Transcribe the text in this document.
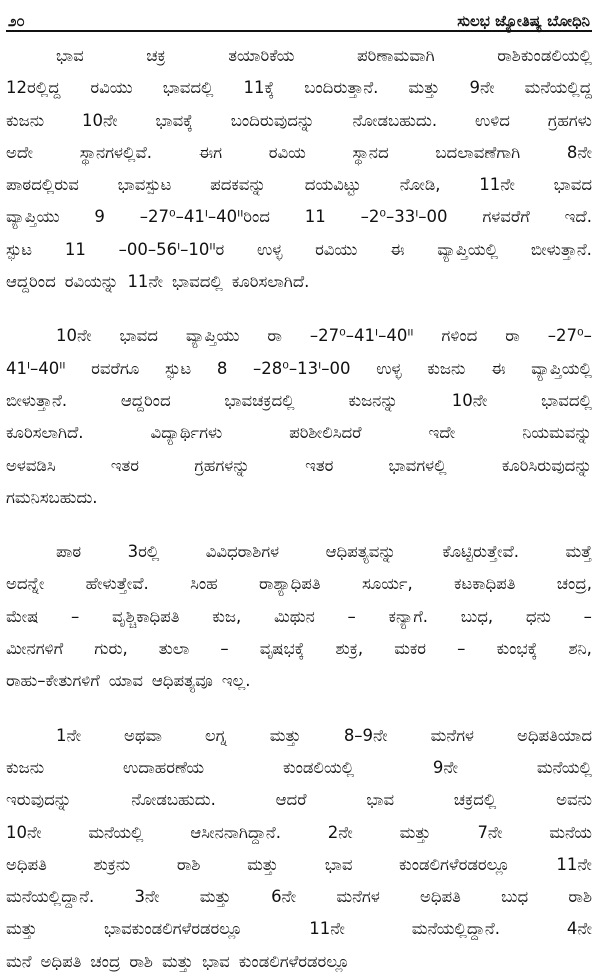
೨೦	ಸುಲಭ ಜ್ಯೋತಿಷ್ಯ ಬೋಧಿನಿ
ಭಾವ	ಚಕ್ರ	ತಯಾರಿಕೆಯ	ಪರಿಣಾಮವಾಗಿ	ರಾಶಿಕುಂಡಲಿಯಲ್ಲಿ
12ರಲ್ಲಿದ್ದ ರವಿಯು ಭಾವದಲ್ಲಿ 11ಕ್ಕೆ ಬಂದಿರುತ್ತಾನೆ. ಮತ್ತು 9ನೇ ಮನೆಯಲ್ಲಿದ್ದ
ಕುಜನು 10ನೇ ಭಾವಕ್ಕೆ ಬಂದಿರುವುದನ್ನು ನೋಡಬಹುದು. ಉಳಿದ ಗ್ರಹಗಳು
ಅದೇ	ಸ್ಥಾನಗಳಲ್ಲಿವೆ.	ಈಗ	ರವಿಯ	ಸ್ಥಾನದ	ಬದಲಾವಣೆಗಾಗಿ	8ನೇ
ಪಾಠದಲ್ಲಿರುವ ಭಾವಸ್ಪುಟ ಪದಕವನ್ನು ದಯವಿಟ್ಟು ನೋಡಿ, 11ನೇ ಭಾವದ
ವ್ಯಾಪ್ತಿಯು 9 –27⁰–41ᴵ–40ᴵᴵರಿಂದ 11 –2⁰–33ᴵ–00 ಗಳವರೆಗೆ ಇದೆ.
ಸ್ಫುಟ 11 –00–56ᴵ–10ᴵᴵರ ಉಳ್ಳ ರವಿಯು ಈ ವ್ಯಾಪ್ತಿಯಲ್ಲಿ ಬೀಳುತ್ತಾನೆ.
ಆದ್ದರಿಂದ ರವಿಯನ್ನು 11ನೇ ಭಾವದಲ್ಲಿ ಕೂರಿಸಲಾಗಿದೆ.
10ನೇ ಭಾವದ ವ್ಯಾಪ್ತಿಯು ರಾ –27⁰–41ᴵ–40ᴵᴵ ಗಳಿಂದ ರಾ –27⁰–
41ᴵ–40ᴵᴵ ರವರೆಗೂ ಸ್ಫುಟ 8 –28⁰–13ᴵ–00 ಉಳ್ಳ ಕುಜನು ಈ ವ್ಯಾಪ್ತಿಯಲ್ಲಿ
ಬೀಳುತ್ತಾನೆ.	ಆದ್ದರಿಂದ	ಭಾವಚಕ್ರದಲ್ಲಿ	ಕುಜನನ್ನು	10ನೇ	ಭಾವದಲ್ಲಿ
ಕೂರಿಸಲಾಗಿದೆ.	ವಿದ್ಯಾರ್ಥಿಗಳು	ಪರಿಶೀಲಿಸಿದರೆ	ಇದೇ	ನಿಯಮವನ್ನು
ಅಳವಡಿಸಿ	ಇತರ	ಗ್ರಹಗಳನ್ನು	ಇತರ	ಭಾವಗಳಲ್ಲಿ	ಕೂರಿಸಿರುವುದನ್ನು
ಗಮನಿಸಬಹುದು.
ಪಾಠ	3ರಲ್ಲಿ	ವಿವಿಧರಾಶಿಗಳ	ಆಧಿಪತ್ಯವನ್ನು	ಕೊಟ್ಟಿರುತ್ತೇವೆ.	ಮತ್ತೆ
ಅದನ್ನೇ	ಹೇಳುತ್ತೇವೆ.	ಸಿಂಹ	ರಾಶ್ಯಾಧಿಪತಿ	ಸೂರ್ಯ,	ಕಟಕಾಧಿಪತಿ	ಚಂದ್ರ,
ಮೇಷ – ವೃಶ್ಚಿಕಾಧಿಪತಿ ಕುಜ, ಮಿಥುನ – ಕನ್ಯಾಗೆ. ಬುಧ, ಧನು –
ಮೀನಗಳಿಗೆ ಗುರು, ತುಲಾ – ವೃಷಭಕ್ಕೆ ಶುಕ್ರ, ಮಕರ – ಕುಂಭಕ್ಕೆ ಶನಿ,
ರಾಹು–ಕೇತುಗಳಿಗೆ ಯಾವ ಆಧಿಪತ್ಯವೂ ಇಲ್ಲ.
1ನೇ	ಅಥವಾ	ಲಗ್ನ	ಮತ್ತು	8–9ನೇ	ಮನೆಗಳ	ಅಧಿಪತಿಯಾದ
ಕುಜನು	ಉದಾಹರಣೆಯ	ಕುಂಡಲಿಯಲ್ಲಿ	9ನೇ	ಮನೆಯಲ್ಲಿ
ಇರುವುದನ್ನು	ನೋಡಬಹುದು.	ಆದರೆ	ಭಾವ	ಚಕ್ರದಲ್ಲಿ	ಅವನು
10ನೇ	ಮನೆಯಲ್ಲಿ	ಆಸೀನನಾಗಿದ್ದಾನೆ.	2ನೇ	ಮತ್ತು	7ನೇ	ಮನೆಯ
ಅಧಿಪತಿ	ಶುಕ್ರನು	ರಾಶಿ	ಮತ್ತು	ಭಾವ	ಕುಂಡಲಿಗಳೆರಡರಲ್ಲೂ	11ನೇ
ಮನೆಯಲ್ಲಿದ್ದಾನೆ. 3ನೇ ಮತ್ತು 6ನೇ ಮನೆಗಳ ಅಧಿಪತಿ ಬುಧ ರಾಶಿ
ಮತ್ತು	ಭಾವಕುಂಡಲಿಗಳೆರಡರಲ್ಲೂ	11ನೇ	ಮನೆಯಲ್ಲಿದ್ದಾನೆ.	4ನೇ
ಮನೆ ಅಧಿಪತಿ ಚಂದ್ರ ರಾಶಿ ಮತ್ತು ಭಾವ ಕುಂಡಲಿಗಳೆರಡರಲ್ಲೂ
